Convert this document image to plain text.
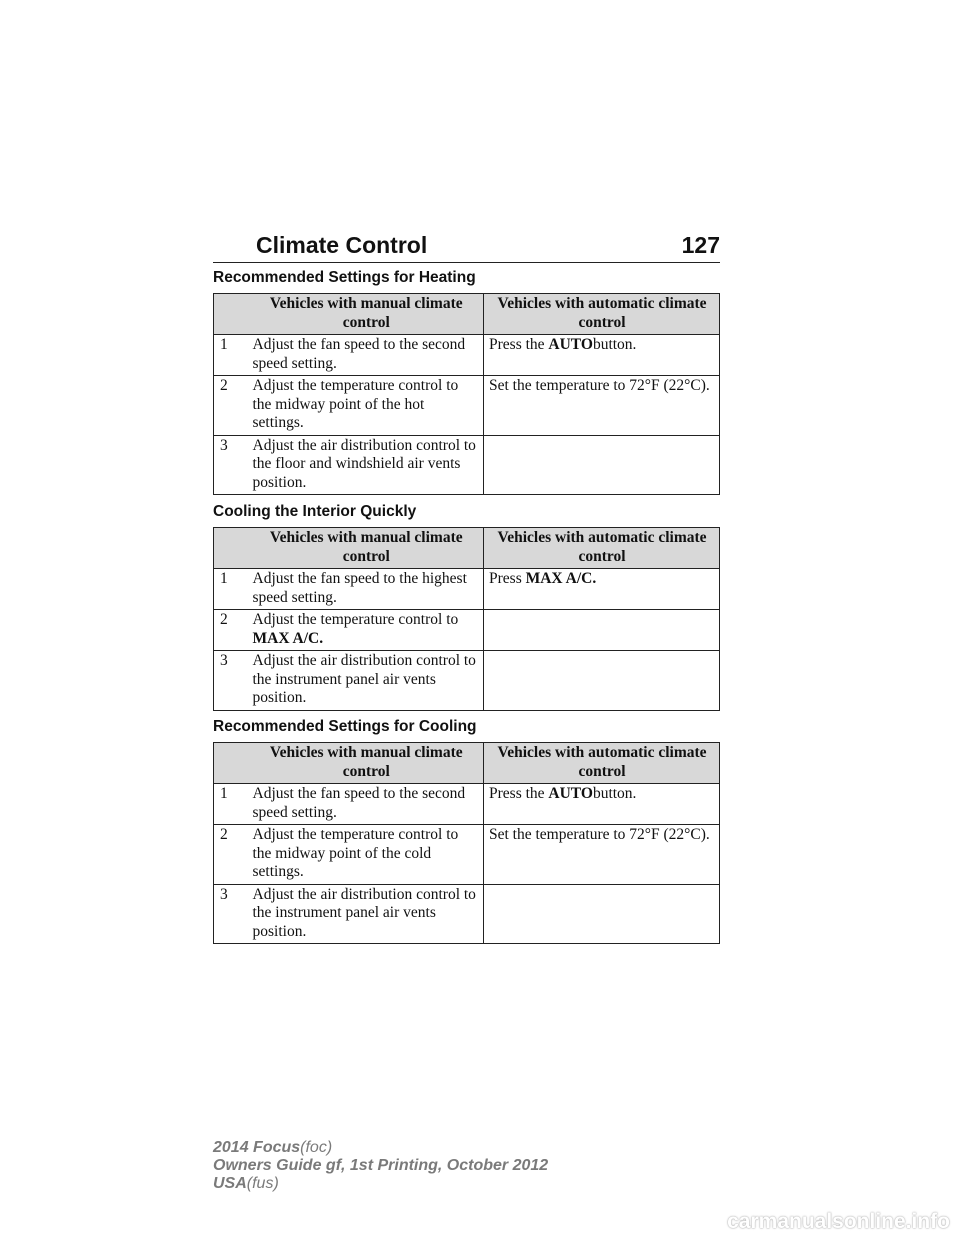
Climate Control	127
Recommended Settings for Heating
	Vehicles with manual climate control	Vehicles with automatic climate control
1	Adjust the fan speed to the second speed setting.	Press the AUTObutton.
2	Adjust the temperature control to the midway point of the hot settings.	Set the temperature to 72°F (22°C).
3	Adjust the air distribution control to the floor and windshield air vents position.	
Cooling the Interior Quickly
	Vehicles with manual climate control	Vehicles with automatic climate control
1	Adjust the fan speed to the highest speed setting.	Press MAX A/C.
2	Adjust the temperature control to MAX A/C.	
3	Adjust the air distribution control to the instrument panel air vents position.	
Recommended Settings for Cooling
	Vehicles with manual climate control	Vehicles with automatic climate control
1	Adjust the fan speed to the second speed setting.	Press the AUTObutton.
2	Adjust the temperature control to the midway point of the cold settings.	Set the temperature to 72°F (22°C).
3	Adjust the air distribution control to the instrument panel air vents position.	
2014 Focus(foc)
Owners Guide gf, 1st Printing, October 2012
USA(fus)
carmanualsonline.info
